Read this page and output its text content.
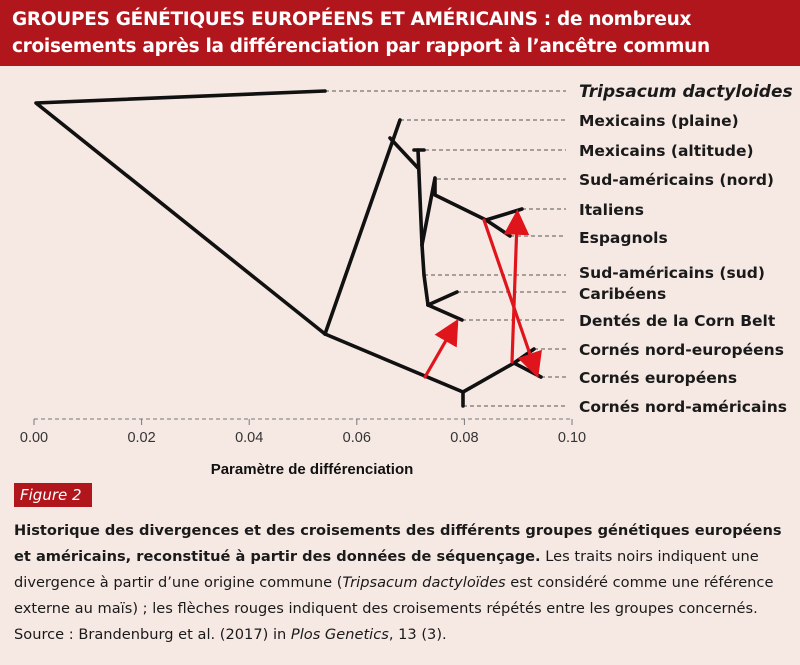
GROUPES GÉNÉTIQUES EUROPÉENS ET AMÉRICAINS : de nombreux
croisements après la différenciation par rapport à l’ancêtre commun
Tripsacum dactyloides
Mexicains (plaine)
Mexicains (altitude)
Sud-américains (nord)
Italiens
Espagnols
Sud-américains (sud)
Caribéens
Dentés de la Corn Belt
Cornés nord-européens
Cornés européens
Cornés nord-américains
0.00	0.02	0.04	0.06	0.08	0.10
Paramètre de différenciation
Figure 2

Historique des divergences et des croisements des différents groupes génétiques européens et américains, reconstitué à partir des données de séquençage. Les traits noirs indiquent une divergence à partir d’une origine commune (Tripsacum dactyloïdes est considéré comme une référence externe au maïs) ; les flèches rouges indiquent des croisements répétés entre les groupes concernés. Source : Brandenburg et al. (2017) in Plos Genetics, 13 (3).
